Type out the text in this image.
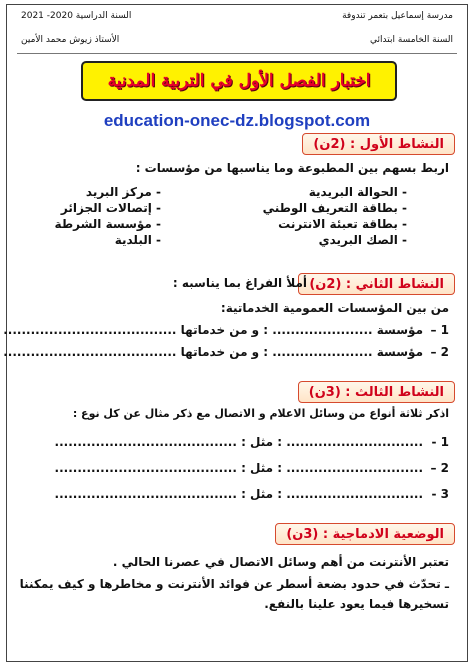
مدرسة إسماعيل بتعمر تندوفة
السنة الخامسة ابتدائي
السنة الدراسية 2020- 2021
الأستاذ زيوش محمد الأمين
اختبار الفصل الأول في التربية المدنية
education-onec-dz.blogspot.com
النشاط الأول : (2ن)
اربط بسهم بين المطبوعة وما يناسبها من مؤسسات :
- الحوالة البريدية
- بطاقة التعريف الوطني
- بطاقة تعبئة الانترنت
- الصك البريدي
- مركز البريد
- إتصالات الجزائر
- مؤسسة الشرطة
- البلدية
النشاط الثاني : (2ن)
أملأ الفراغ بما يناسبه :
من بين المؤسسات العمومية الخدماتية:
1 –
مؤسسة ...................... : و من خدماتها ......................................
2 –
مؤسسة ...................... : و من خدماتها ......................................
النشاط الثالث : (3ن)
اذكر ثلاثة أنواع من وسائل الاعلام و الاتصال مع ذكر مثال عن كل نوع :
1 -
.............................. : مثل : ........................................
2 –
.............................. : مثل : ........................................
3 -
.............................. : مثل : ........................................
الوضعية الادماجية : (3ن)
تعتبر الأنترنت من أهم وسائل الاتصال في عصرنا الحالي .
ـ تحدّث في حدود بضعة أسطر عن فوائد الأنترنت و مخاطرها و كيف يمكننا
تسخيرها فيما يعود علينا بالنفع.
